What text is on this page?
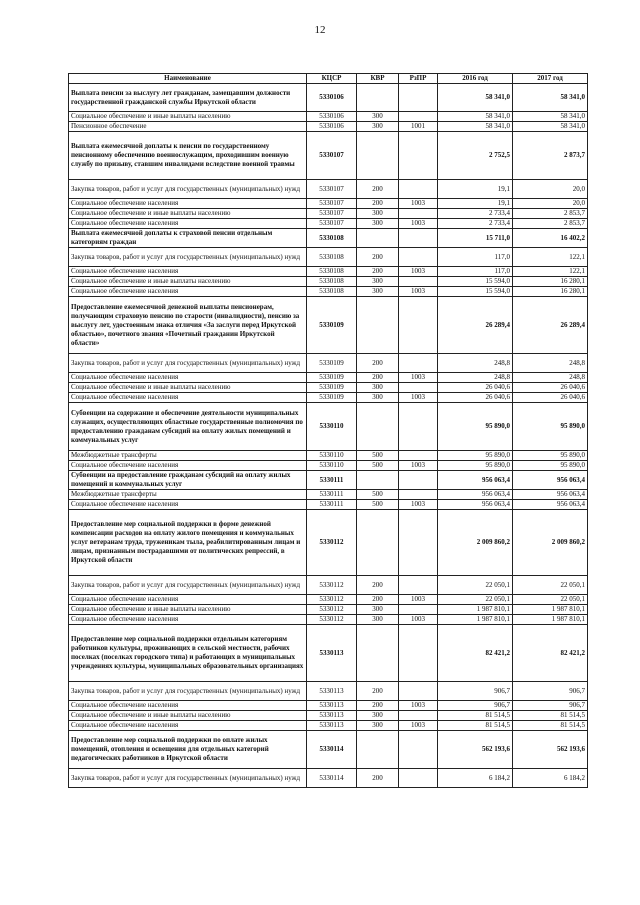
12
Наименование	КЦСР	КВР	РзПР	2016 год	2017 год
Выплата пенсии за выслугу лет гражданам, замещавшим должности государственной гражданской службы Иркутской области	5330106			58 341,0	58 341,0
Социальное обеспечение и иные выплаты населению	5330106	300		58 341,0	58 341,0
Пенсионное обеспечение	5330106	300	1001	58 341,0	58 341,0
Выплата ежемесячной доплаты к пенсии по государственному пенсионному обеспечению военнослужащим, проходившим военную службу по призыву, ставшим инвалидами вследствие военной травмы	5330107			2 752,5	2 873,7
Закупка товаров, работ и услуг для государственных (муниципальных) нужд	5330107	200		19,1	20,0
Социальное обеспечение населения	5330107	200	1003	19,1	20,0
Социальное обеспечение и иные выплаты населению	5330107	300		2 733,4	2 853,7
Социальное обеспечение населения	5330107	300	1003	2 733,4	2 853,7
Выплата ежемесячной доплаты к страховой пенсии отдельным категориям граждан	5330108			15 711,0	16 402,2
Закупка товаров, работ и услуг для государственных (муниципальных) нужд	5330108	200		117,0	122,1
Социальное обеспечение населения	5330108	200	1003	117,0	122,1
Социальное обеспечение и иные выплаты населению	5330108	300		15 594,0	16 280,1
Социальное обеспечение населения	5330108	300	1003	15 594,0	16 280,1
Предоставление ежемесячной денежной выплаты пенсионерам, получающим страховую пенсию по старости (инвалидности), пенсию за выслугу лет, удостоенным знака отличия «За заслуги перед Иркутской областью», почетного звания «Почетный гражданин Иркутской области»	5330109			26 289,4	26 289,4
Закупка товаров, работ и услуг для государственных (муниципальных) нужд	5330109	200		248,8	248,8
Социальное обеспечение населения	5330109	200	1003	248,8	248,8
Социальное обеспечение и иные выплаты населению	5330109	300		26 040,6	26 040,6
Социальное обеспечение населения	5330109	300	1003	26 040,6	26 040,6
Субвенции на содержание и обеспечение деятельности муниципальных служащих, осуществляющих областные государственные полномочия по предоставлению гражданам субсидий на оплату жилых помещений и коммунальных услуг	5330110			95 890,0	95 890,0
Межбюджетные трансферты	5330110	500		95 890,0	95 890,0
Социальное обеспечение населения	5330110	500	1003	95 890,0	95 890,0
Субвенции на предоставление гражданам субсидий на оплату жилых помещений и коммунальных услуг	5330111			956 063,4	956 063,4
Межбюджетные трансферты	5330111	500		956 063,4	956 063,4
Социальное обеспечение населения	5330111	500	1003	956 063,4	956 063,4
Предоставление мер социальной поддержки в форме денежной компенсации расходов на оплату жилого помещения и коммунальных услуг ветеранам труда, труженикам тыла, реабилитированным лицам и лицам, признанным пострадавшими от политических репрессий, в Иркутской области	5330112			2 009 860,2	2 009 860,2
Закупка товаров, работ и услуг для государственных (муниципальных) нужд	5330112	200		22 050,1	22 050,1
Социальное обеспечение населения	5330112	200	1003	22 050,1	22 050,1
Социальное обеспечение и иные выплаты населению	5330112	300		1 987 810,1	1 987 810,1
Социальное обеспечение населения	5330112	300	1003	1 987 810,1	1 987 810,1
Предоставление мер социальной поддержки отдельным категориям работников культуры, проживающих в сельской местности, рабочих поселках (поселках городского типа) и работающих в муниципальных учреждениях культуры, муниципальных образовательных организациях	5330113			82 421,2	82 421,2
Закупка товаров, работ и услуг для государственных (муниципальных) нужд	5330113	200		906,7	906,7
Социальное обеспечение населения	5330113	200	1003	906,7	906,7
Социальное обеспечение и иные выплаты населению	5330113	300		81 514,5	81 514,5
Социальное обеспечение населения	5330113	300	1003	81 514,5	81 514,5
Предоставление мер социальной поддержки по оплате жилых помещений, отопления и освещения для отдельных категорий педагогических работников в Иркутской области	5330114			562 193,6	562 193,6
Закупка товаров, работ и услуг для государственных (муниципальных) нужд	5330114	200		6 184,2	6 184,2
